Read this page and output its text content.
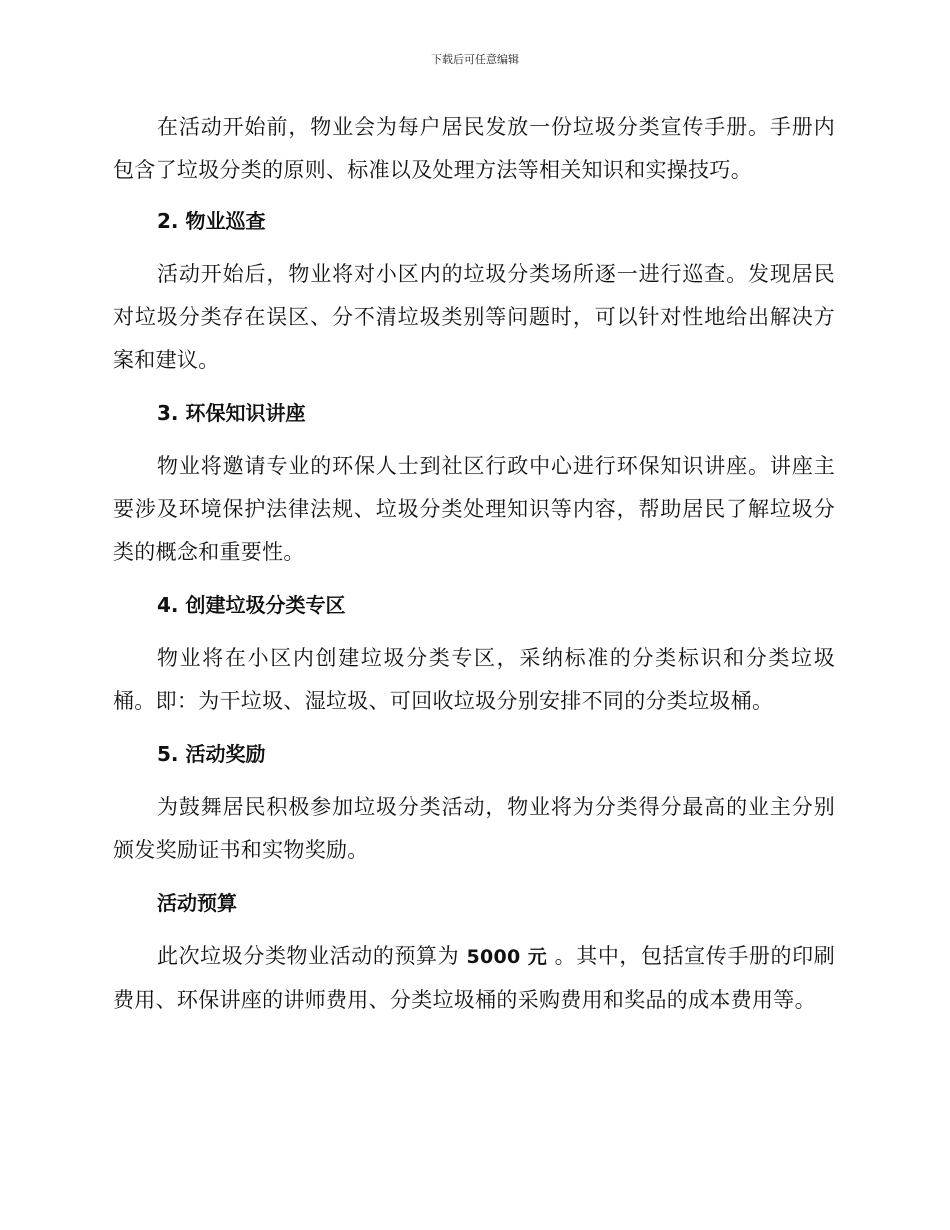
下载后可任意编辑

在活动开始前，物业会为每户居民发放一份垃圾分类宣传手册。手册内包含了垃圾分类的原则、标准以及处理方法等相关知识和实操技巧。

2. 物业巡查

活动开始后，物业将对小区内的垃圾分类场所逐一进行巡查。发现居民对垃圾分类存在误区、分不清垃圾类别等问题时，可以针对性地给出解决方案和建议。

3. 环保知识讲座

物业将邀请专业的环保人士到社区行政中心进行环保知识讲座。讲座主要涉及环境保护法律法规、垃圾分类处理知识等内容，帮助居民了解垃圾分类的概念和重要性。

4. 创建垃圾分类专区

物业将在小区内创建垃圾分类专区，采纳标准的分类标识和分类垃圾桶。即：为干垃圾、湿垃圾、可回收垃圾分别安排不同的分类垃圾桶。

5. 活动奖励

为鼓舞居民积极参加垃圾分类活动，物业将为分类得分最高的业主分别颁发奖励证书和实物奖励。

活动预算

此次垃圾分类物业活动的预算为 5000 元 。其中，包括宣传手册的印刷费用、环保讲座的讲师费用、分类垃圾桶的采购费用和奖品的成本费用等。
